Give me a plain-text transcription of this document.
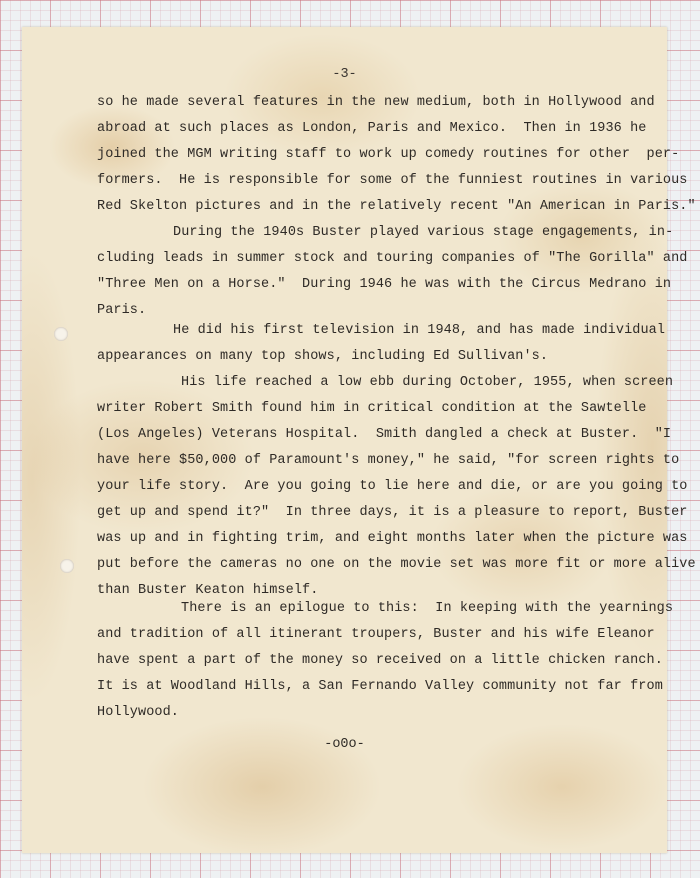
-3-
so he made several features in the new medium, both in Hollywood and
abroad at such places as London, Paris and Mexico.  Then in 1936 he
joined the MGM writing staff to work up comedy routines for other  per-
formers.  He is responsible for some of the funniest routines in various
Red Skelton pictures and in the relatively recent "An American in Paris."
During the 1940s Buster played various stage engagements, in-
cluding leads in summer stock and touring companies of "The Gorilla" and
"Three Men on a Horse."  During 1946 he was with the Circus Medrano in
Paris.
He did his first television in 1948, and has made individual
appearances on many top shows, including Ed Sullivan's.
His life reached a low ebb during October, 1955, when screen
writer Robert Smith found him in critical condition at the Sawtelle
(Los Angeles) Veterans Hospital.  Smith dangled a check at Buster.  "I
have here $50,000 of Paramount's money," he said, "for screen rights to
your life story.  Are you going to lie here and die, or are you going to
get up and spend it?"  In three days, it is a pleasure to report, Buster
was up and in fighting trim, and eight months later when the picture was
put before the cameras no one on the movie set was more fit or more alive
than Buster Keaton himself.
There is an epilogue to this:  In keeping with the yearnings
and tradition of all itinerant troupers, Buster and his wife Eleanor
have spent a part of the money so received on a little chicken ranch.
It is at Woodland Hills, a San Fernando Valley community not far from
Hollywood.
-o0o-
